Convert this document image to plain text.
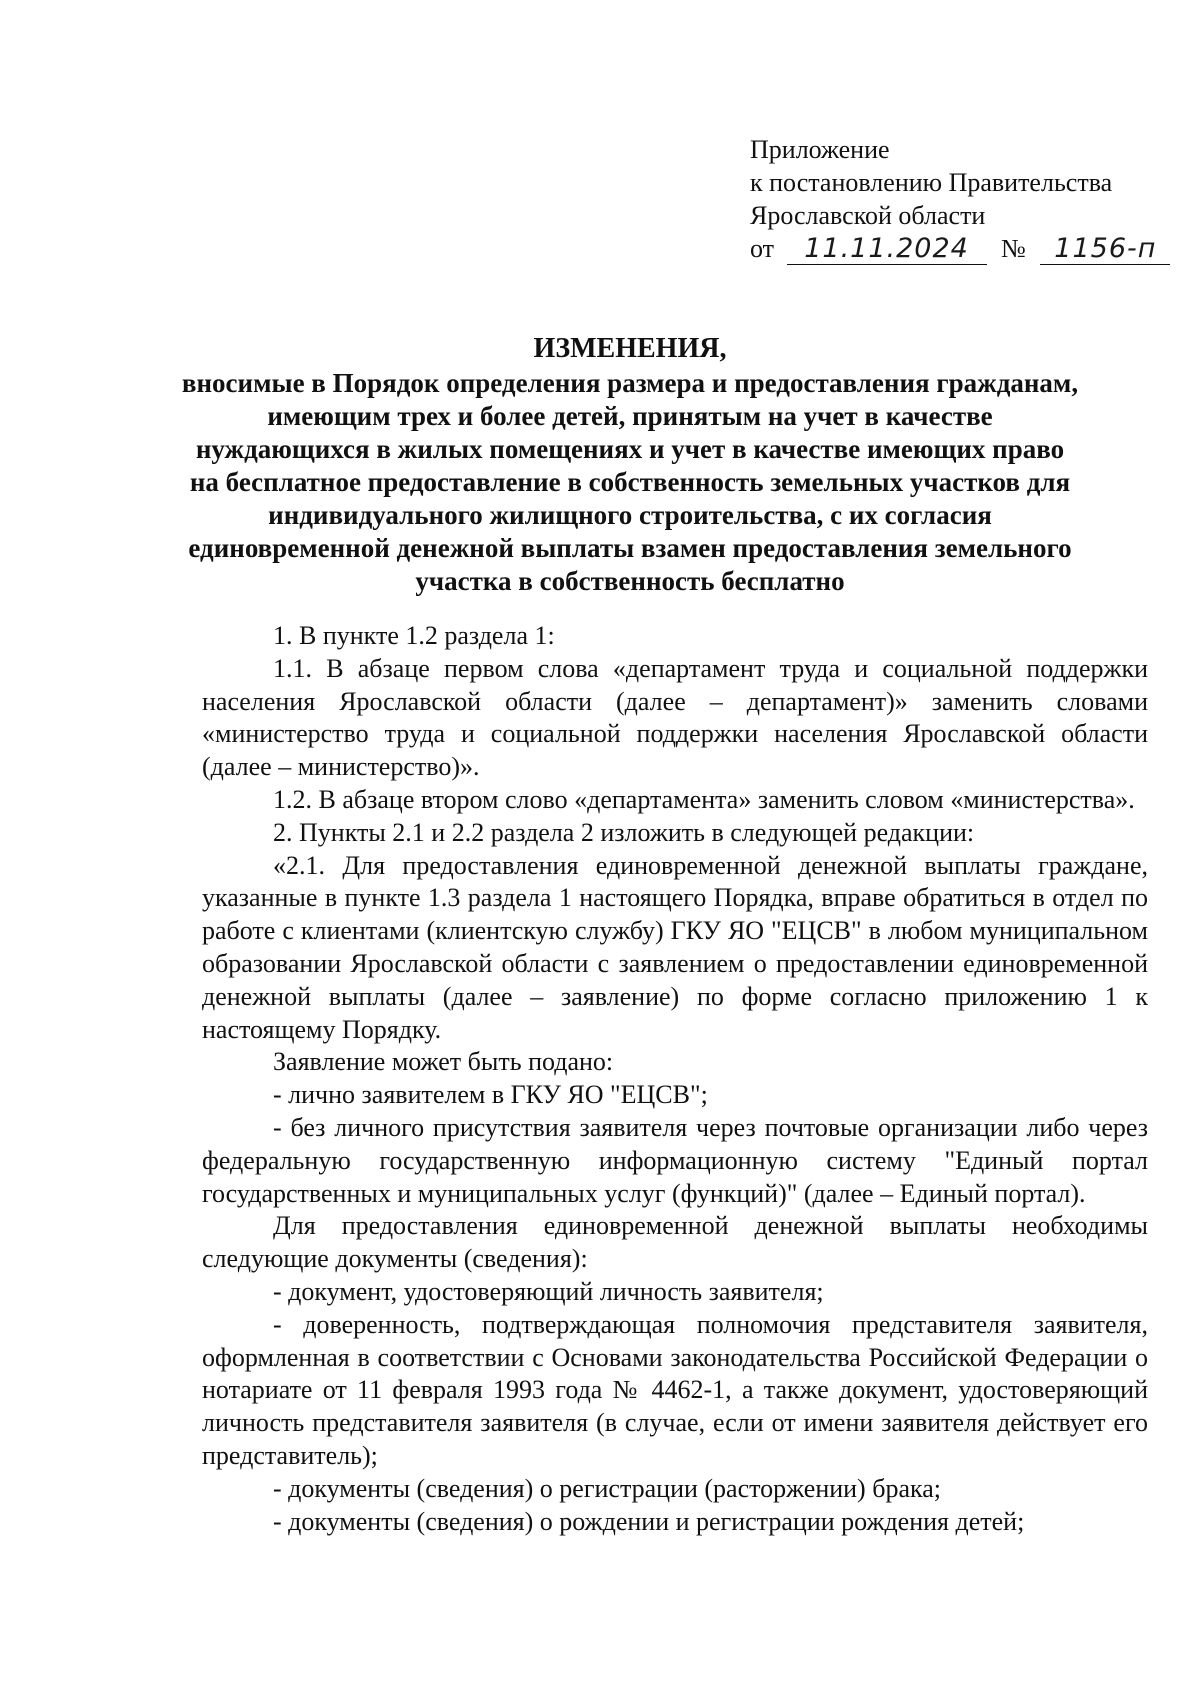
Приложение
к постановлению Правительства
Ярославской области
от 11.11.2024 № 1156-п
ИЗМЕНЕНИЯ,
вносимые в Порядок определения размера и предоставления гражданам,
имеющим трех и более детей, принятым на учет в качестве
нуждающихся в жилых помещениях и учет в качестве имеющих право
на бесплатное предоставление в собственность земельных участков для
индивидуального жилищного строительства, с их согласия
единовременной денежной выплаты взамен предоставления земельного
участка в собственность бесплатно

1. В пункте 1.2 раздела 1:

1.1. В абзаце первом слова «департамент труда и социальной поддержки населения Ярославской области (далее – департамент)» заменить словами «министерство труда и социальной поддержки населения Ярославской области (далее – министерство)».

1.2. В абзаце втором слово «департамента» заменить словом «министерства».

2. Пункты 2.1 и 2.2 раздела 2 изложить в следующей редакции:

«2.1. Для предоставления единовременной денежной выплаты граждане, указанные в пункте 1.3 раздела 1 настоящего Порядка, вправе обратиться в отдел по работе с клиентами (клиентскую службу) ГКУ ЯО "ЕЦСВ" в любом муниципальном образовании Ярославской области с заявлением о предоставлении единовременной денежной выплаты (далее – заявление) по форме согласно приложению 1 к настоящему Порядку.

Заявление может быть подано:

- лично заявителем в ГКУ ЯО "ЕЦСВ";

- без личного присутствия заявителя через почтовые организации либо через федеральную государственную информационную систему "Единый портал государственных и муниципальных услуг (функций)" (далее – Единый портал).

Для предоставления единовременной денежной выплаты необходимы следующие документы (сведения):

- документ, удостоверяющий личность заявителя;

- доверенность, подтверждающая полномочия представителя заявителя, оформленная в соответствии с Основами законодательства Российской Федерации о нотариате от 11 февраля 1993 года № 4462-1, а также документ, удостоверяющий личность представителя заявителя (в случае, если от имени заявителя действует его представитель);

- документы (сведения) о регистрации (расторжении) брака;

- документы (сведения) о рождении и регистрации рождения детей;
